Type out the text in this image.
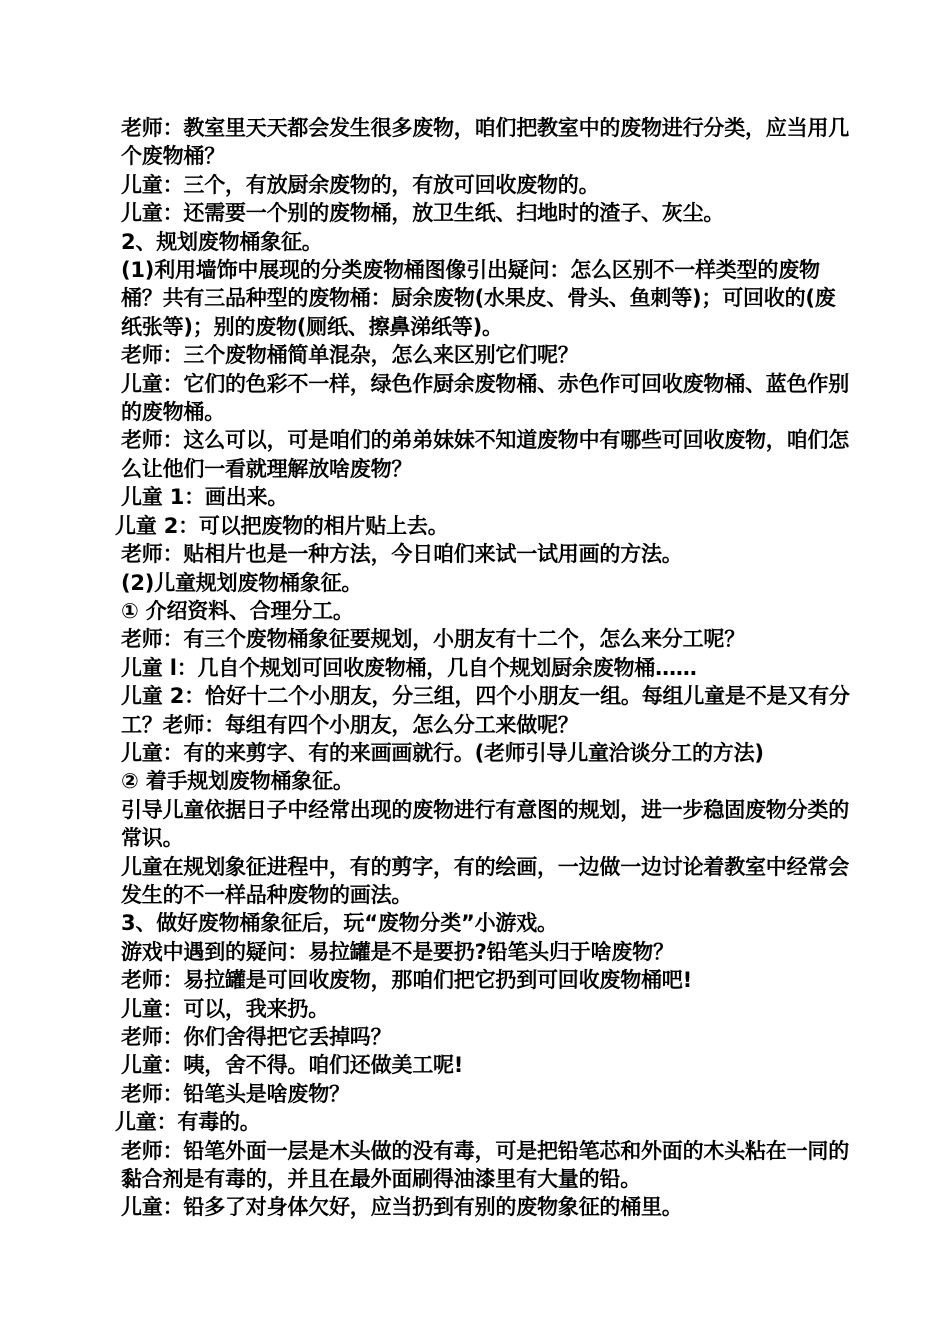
老师：教室里天天都会发生很多废物，咱们把教室中的废物进行分类，应当用几个废物桶？

儿童：三个，有放厨余废物的，有放可回收废物的。

儿童：还需要一个别的废物桶，放卫生纸、扫地时的渣子、灰尘。

2、规划废物桶象征。

(1)利用墙饰中展现的分类废物桶图像引出疑问：怎么区别不一样类型的废物桶？共有三品种型的废物桶：厨余废物(水果皮、骨头、鱼刺等)；可回收的(废纸张等)；别的废物(厕纸、擦鼻涕纸等)。

老师：三个废物桶简单混杂，怎么来区别它们呢？

儿童：它们的色彩不一样，绿色作厨余废物桶、赤色作可回收废物桶、蓝色作别的废物桶。

老师：这么可以，可是咱们的弟弟妹妹不知道废物中有哪些可回收废物，咱们怎么让他们一看就理解放啥废物？

儿童 1：画出来。

儿童 2：可以把废物的相片贴上去。

老师：贴相片也是一种方法，今日咱们来试一试用画的方法。

(2)儿童规划废物桶象征。

① 介绍资料、合理分工。

老师：有三个废物桶象征要规划，小朋友有十二个，怎么来分工呢？

儿童 l：几自个规划可回收废物桶，几自个规划厨余废物桶……

儿童 2：恰好十二个小朋友，分三组，四个小朋友一组。每组儿童是不是又有分工？老师：每组有四个小朋友，怎么分工来做呢？

儿童：有的来剪字、有的来画画就行。(老师引导儿童洽谈分工的方法)

② 着手规划废物桶象征。

引导儿童依据日子中经常出现的废物进行有意图的规划，进一步稳固废物分类的常识。

儿童在规划象征进程中，有的剪字，有的绘画，一边做一边讨论着教室中经常会发生的不一样品种废物的画法。

3、做好废物桶象征后，玩“废物分类”小游戏。

游戏中遇到的疑问：易拉罐是不是要扔?铅笔头归于啥废物？

老师：易拉罐是可回收废物，那咱们把它扔到可回收废物桶吧!

儿童：可以，我来扔。

老师：你们舍得把它丢掉吗？

儿童：咦，舍不得。咱们还做美工呢!

老师：铅笔头是啥废物？

儿童：有毒的。

老师：铅笔外面一层是木头做的没有毒，可是把铅笔芯和外面的木头粘在一同的黏合剂是有毒的，并且在最外面刷得油漆里有大量的铅。

儿童：铅多了对身体欠好，应当扔到有别的废物象征的桶里。
